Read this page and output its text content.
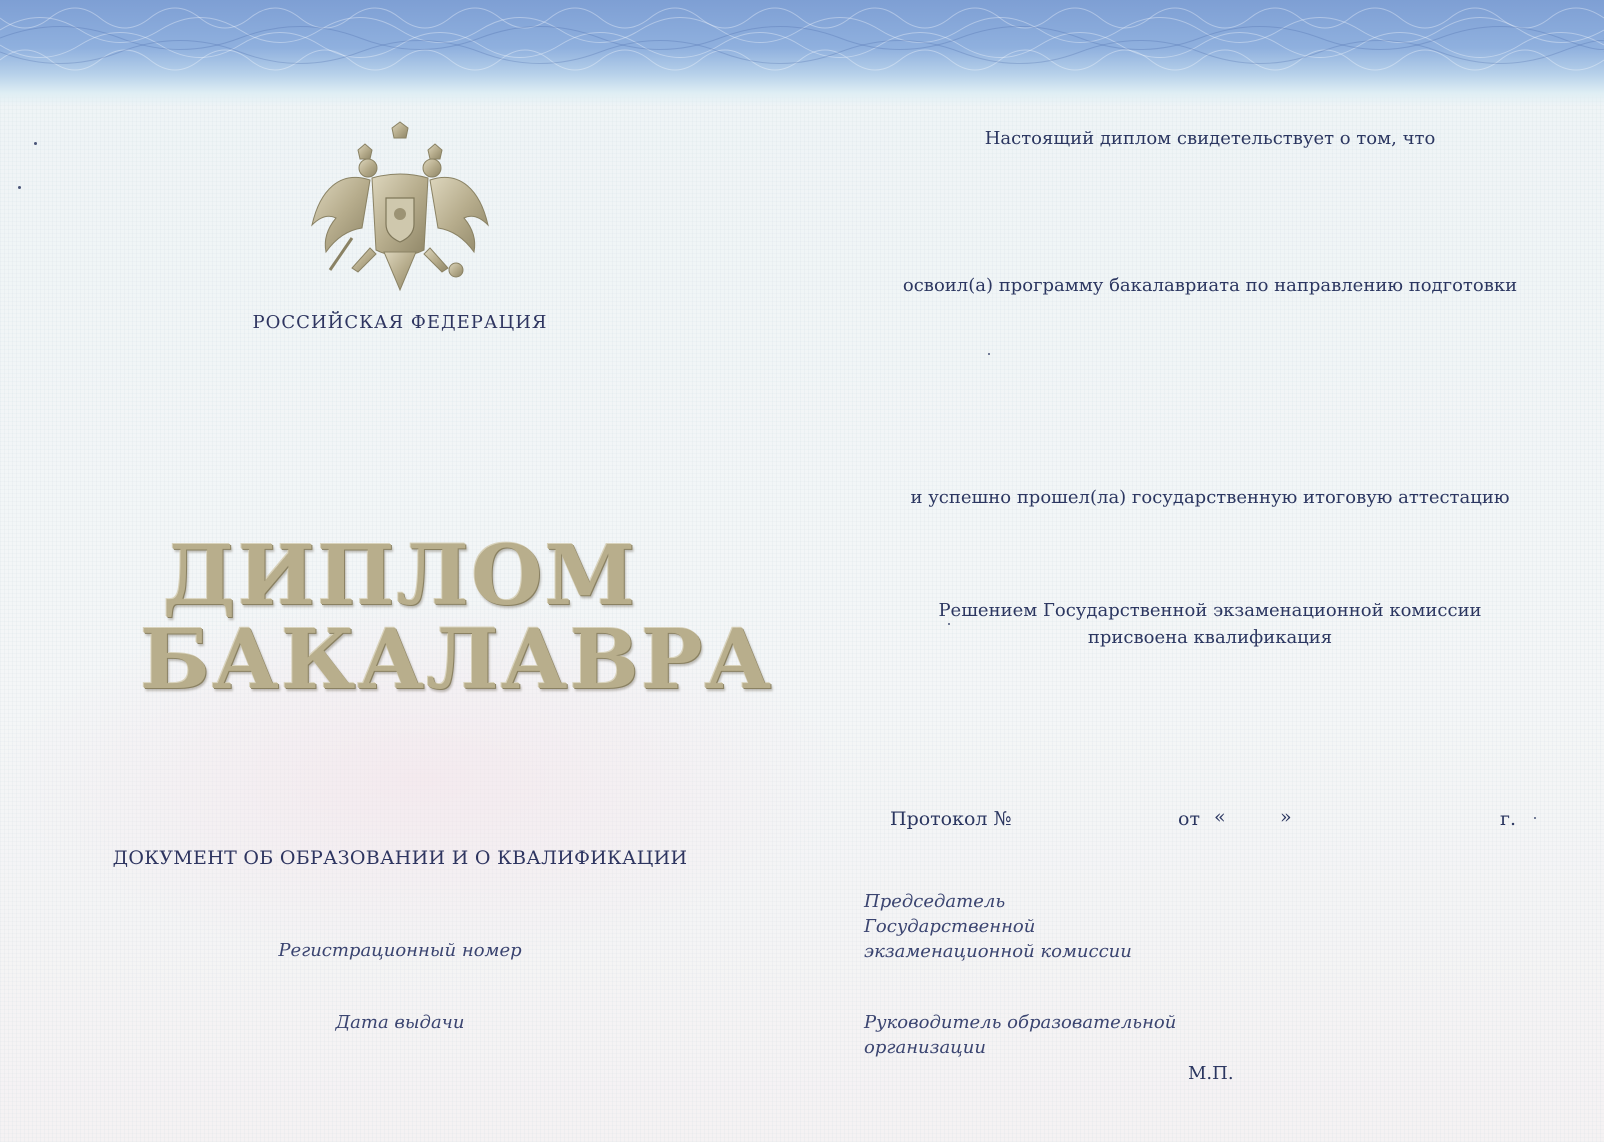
РОССИЙСКАЯ ФЕДЕРАЦИЯ
ДИПЛОМ
БАКАЛАВРА
ДОКУМЕНТ ОБ ОБРАЗОВАНИИ И О КВАЛИФИКАЦИИ
Регистрационный номер
Дата выдачи
Настоящий диплом свидетельствует о том, что
освоил(а) программу бакалавриата по направлению подготовки
и успешно прошел(ла) государственную итоговую аттестацию
Решением Государственной экзаменационной комиссии
присвоена квалификация
Протокол №	от «	»	г.
Председатель
Государственной
экзаменационной комиссии
Руководитель образовательной
организации
М.П.
